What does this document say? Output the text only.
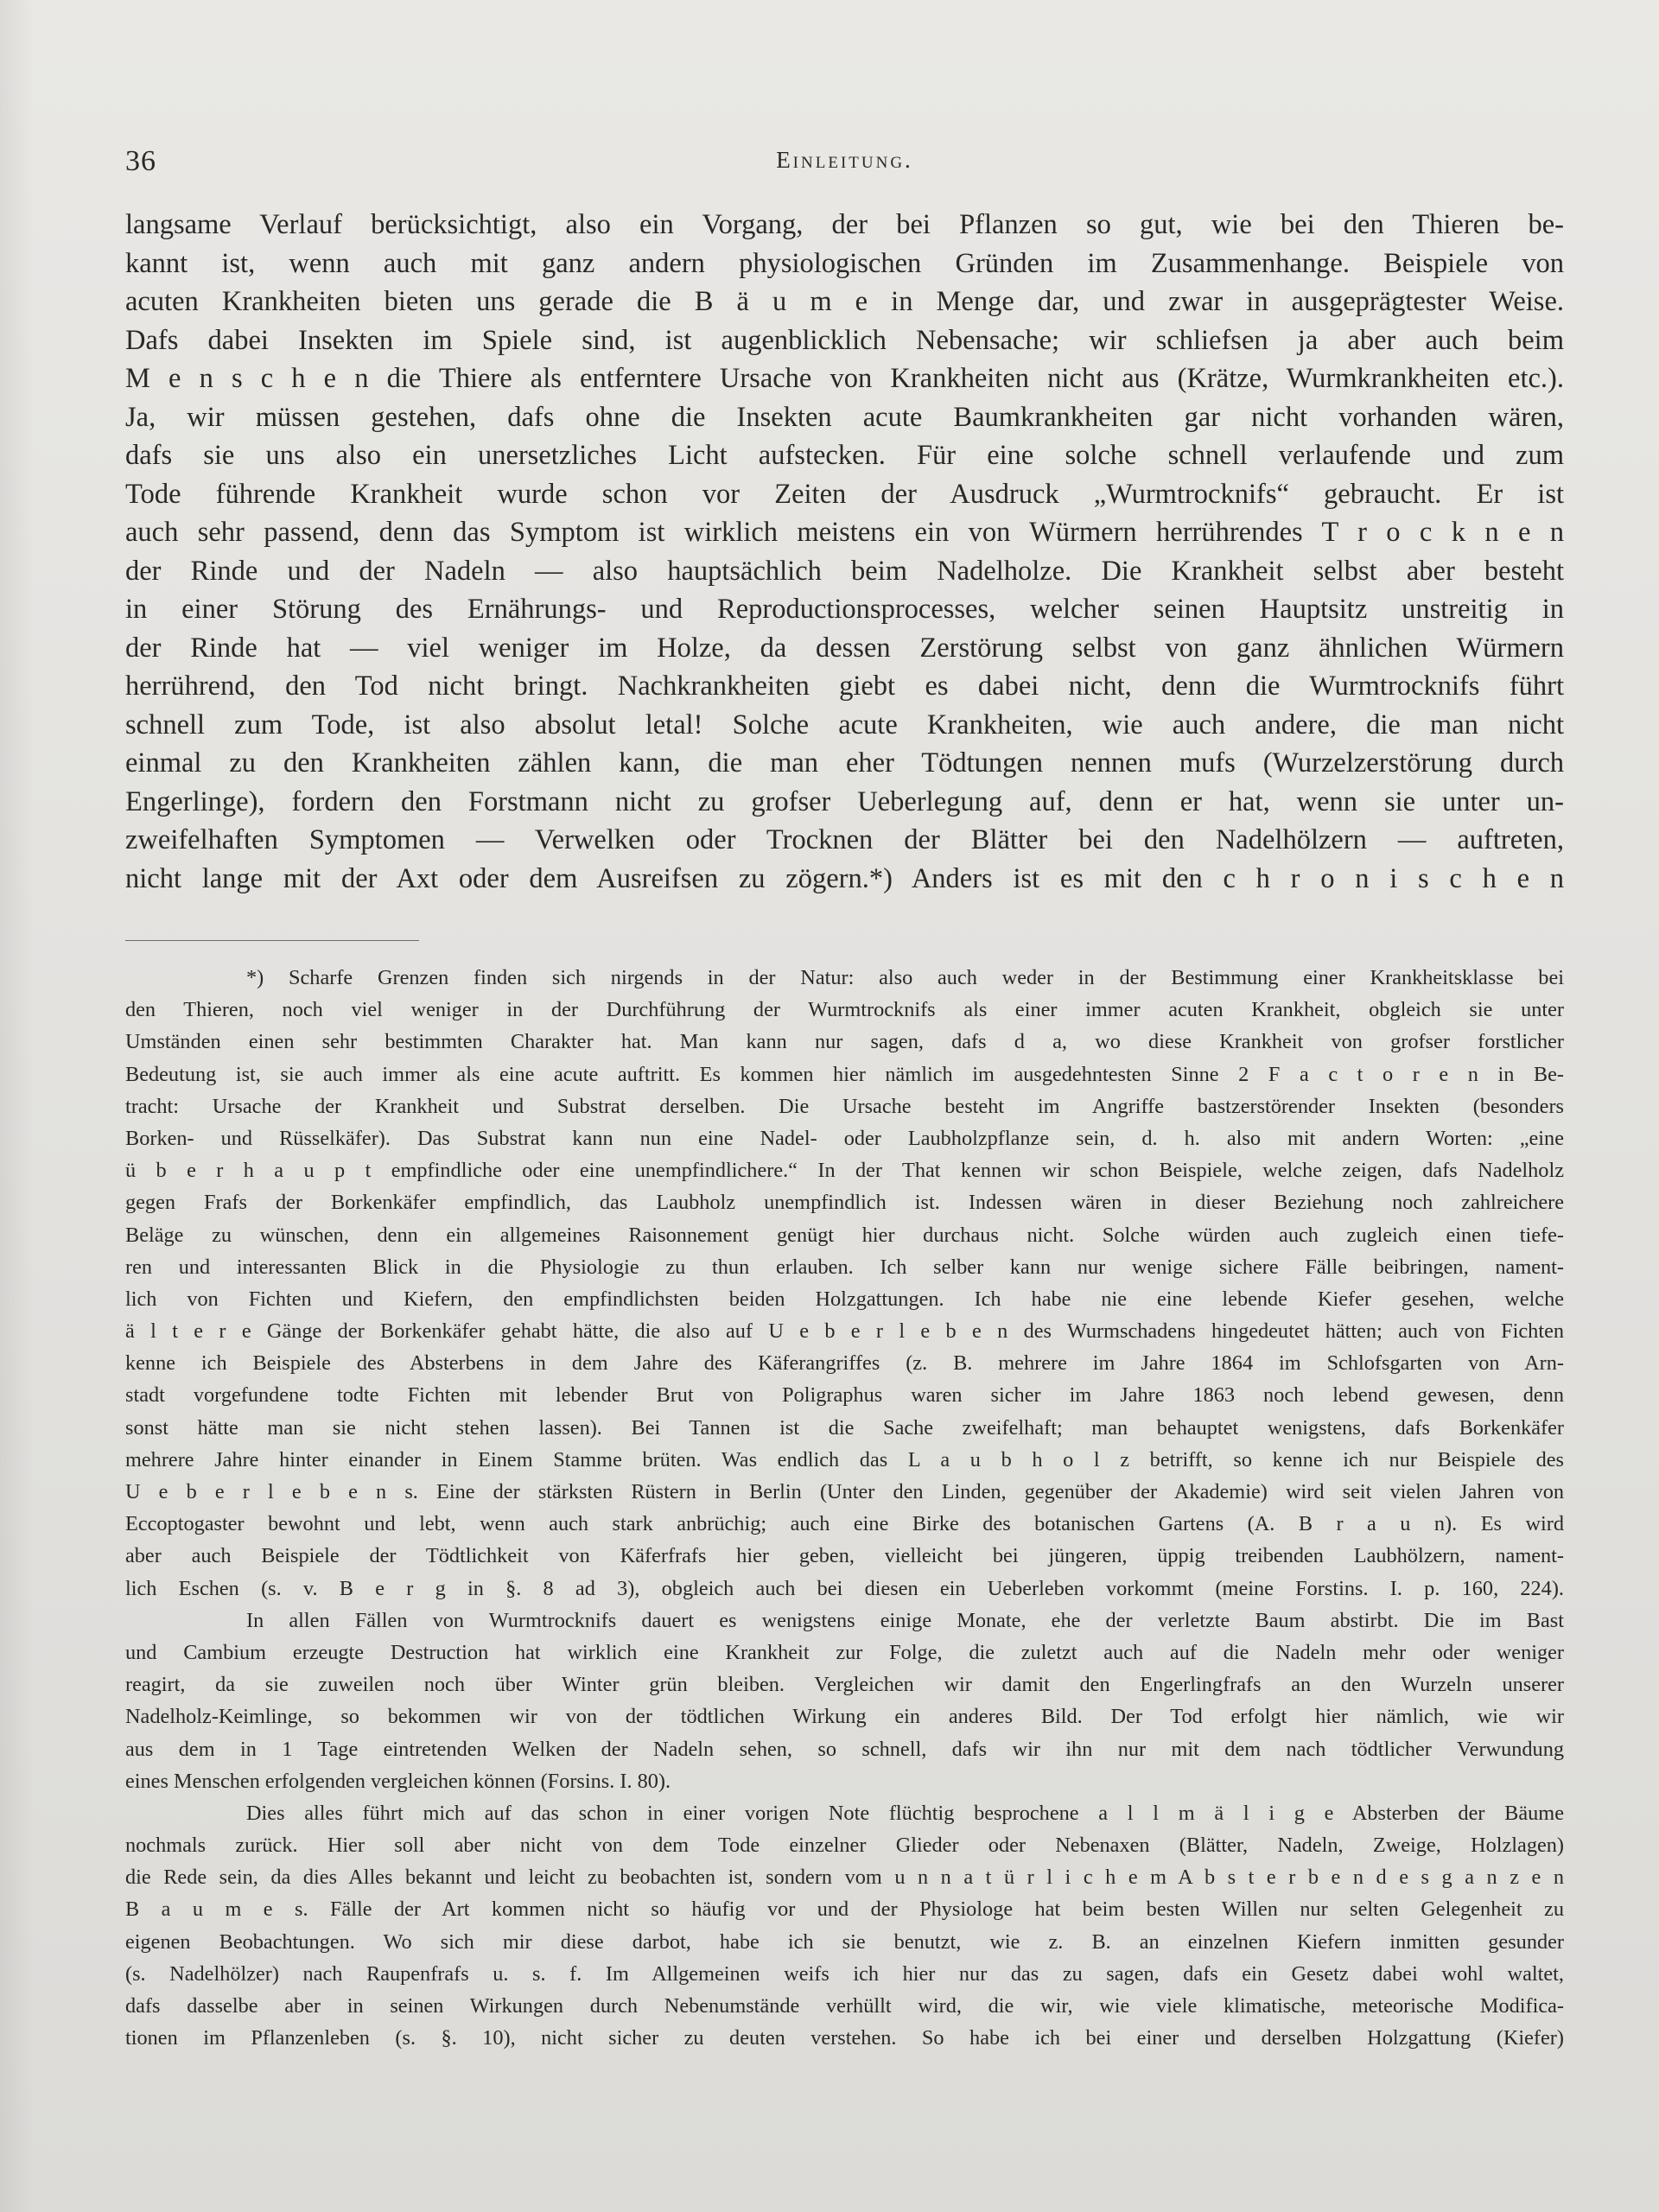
36	Einleitung.
langsame Verlauf berücksichtigt, also ein Vorgang, der bei Pflanzen so gut, wie bei den Thieren be-
kannt ist, wenn auch mit ganz andern physiologischen Gründen im Zusammenhange. Beispiele von
acuten Krankheiten bieten uns gerade die B ä u m e in Menge dar, und zwar in ausgeprägtester Weise.
Dafs dabei Insekten im Spiele sind, ist augenblicklich Nebensache; wir schliefsen ja aber auch beim
M e n s c h e n die Thiere als entferntere Ursache von Krankheiten nicht aus (Krätze, Wurmkrankheiten etc.).
Ja, wir müssen gestehen, dafs ohne die Insekten acute Baumkrankheiten gar nicht vorhanden wären,
dafs sie uns also ein unersetzliches Licht aufstecken. Für eine solche schnell verlaufende und zum
Tode führende Krankheit wurde schon vor Zeiten der Ausdruck „Wurmtrocknifs“ gebraucht. Er ist
auch sehr passend, denn das Symptom ist wirklich meistens ein von Würmern herrührendes T r o c k n e n
der Rinde und der Nadeln — also hauptsächlich beim Nadelholze. Die Krankheit selbst aber besteht
in einer Störung des Ernährungs- und Reproductionsprocesses, welcher seinen Hauptsitz unstreitig in
der Rinde hat — viel weniger im Holze, da dessen Zerstörung selbst von ganz ähnlichen Würmern
herrührend, den Tod nicht bringt. Nachkrankheiten giebt es dabei nicht, denn die Wurmtrocknifs führt
schnell zum Tode, ist also absolut letal! Solche acute Krankheiten, wie auch andere, die man nicht
einmal zu den Krankheiten zählen kann, die man eher Tödtungen nennen mufs (Wurzelzerstörung durch
Engerlinge), fordern den Forstmann nicht zu grofser Ueberlegung auf, denn er hat, wenn sie unter un-
zweifelhaften Symptomen — Verwelken oder Trocknen der Blätter bei den Nadelhölzern — auftreten,
nicht lange mit der Axt oder dem Ausreifsen zu zögern.*) Anders ist es mit den c h r o n i s c h e n
*) Scharfe Grenzen finden sich nirgends in der Natur: also auch weder in der Bestimmung einer Krankheitsklasse bei
den Thieren, noch viel weniger in der Durchführung der Wurmtrocknifs als einer immer acuten Krankheit, obgleich sie unter
Umständen einen sehr bestimmten Charakter hat. Man kann nur sagen, dafs d a, wo diese Krankheit von grofser forstlicher
Bedeutung ist, sie auch immer als eine acute auftritt. Es kommen hier nämlich im ausgedehntesten Sinne 2 F a c t o r e n in Be-
tracht: Ursache der Krankheit und Substrat derselben. Die Ursache besteht im Angriffe bastzerstörender Insekten (besonders
Borken- und Rüsselkäfer). Das Substrat kann nun eine Nadel- oder Laubholzpflanze sein, d. h. also mit andern Worten: „eine
ü b e r h a u p t empfindliche oder eine unempfindlichere.“ In der That kennen wir schon Beispiele, welche zeigen, dafs Nadelholz
gegen Frafs der Borkenkäfer empfindlich, das Laubholz unempfindlich ist. Indessen wären in dieser Beziehung noch zahlreichere
Beläge zu wünschen, denn ein allgemeines Raisonnement genügt hier durchaus nicht. Solche würden auch zugleich einen tiefe-
ren und interessanten Blick in die Physiologie zu thun erlauben. Ich selber kann nur wenige sichere Fälle beibringen, nament-
lich von Fichten und Kiefern, den empfindlichsten beiden Holzgattungen. Ich habe nie eine lebende Kiefer gesehen, welche
ä l t e r e Gänge der Borkenkäfer gehabt hätte, die also auf U e b e r l e b e n des Wurmschadens hingedeutet hätten; auch von Fichten
kenne ich Beispiele des Absterbens in dem Jahre des Käferangriffes (z. B. mehrere im Jahre 1864 im Schlofsgarten von Arn-
stadt vorgefundene todte Fichten mit lebender Brut von Poligraphus waren sicher im Jahre 1863 noch lebend gewesen, denn
sonst hätte man sie nicht stehen lassen). Bei Tannen ist die Sache zweifelhaft; man behauptet wenigstens, dafs Borkenkäfer
mehrere Jahre hinter einander in Einem Stamme brüten. Was endlich das L a u b h o l z betrifft, so kenne ich nur Beispiele des
U e b e r l e b e n s. Eine der stärksten Rüstern in Berlin (Unter den Linden, gegenüber der Akademie) wird seit vielen Jahren von
Eccoptogaster bewohnt und lebt, wenn auch stark anbrüchig; auch eine Birke des botanischen Gartens (A. B r a u n). Es wird
aber auch Beispiele der Tödtlichkeit von Käferfrafs hier geben, vielleicht bei jüngeren, üppig treibenden Laubhölzern, nament-
lich Eschen (s. v. B e r g in §. 8 ad 3), obgleich auch bei diesen ein Ueberleben vorkommt (meine Forstins. I. p. 160, 224).
In allen Fällen von Wurmtrocknifs dauert es wenigstens einige Monate, ehe der verletzte Baum abstirbt. Die im Bast
und Cambium erzeugte Destruction hat wirklich eine Krankheit zur Folge, die zuletzt auch auf die Nadeln mehr oder weniger
reagirt, da sie zuweilen noch über Winter grün bleiben. Vergleichen wir damit den Engerlingfrafs an den Wurzeln unserer
Nadelholz-Keimlinge, so bekommen wir von der tödtlichen Wirkung ein anderes Bild. Der Tod erfolgt hier nämlich, wie wir
aus dem in 1 Tage eintretenden Welken der Nadeln sehen, so schnell, dafs wir ihn nur mit dem nach tödtlicher Verwundung
eines Menschen erfolgenden vergleichen können (Forsins. I. 80).
Dies alles führt mich auf das schon in einer vorigen Note flüchtig besprochene a l l m ä l i g e Absterben der Bäume
nochmals zurück. Hier soll aber nicht von dem Tode einzelner Glieder oder Nebenaxen (Blätter, Nadeln, Zweige, Holzlagen)
die Rede sein, da dies Alles bekannt und leicht zu beobachten ist, sondern vom u n n a t ü r l i c h e m A b s t e r b e n d e s g a n z e n
B a u m e s. Fälle der Art kommen nicht so häufig vor und der Physiologe hat beim besten Willen nur selten Gelegenheit zu
eigenen Beobachtungen. Wo sich mir diese darbot, habe ich sie benutzt, wie z. B. an einzelnen Kiefern inmitten gesunder
(s. Nadelhölzer) nach Raupenfrafs u. s. f. Im Allgemeinen weifs ich hier nur das zu sagen, dafs ein Gesetz dabei wohl waltet,
dafs dasselbe aber in seinen Wirkungen durch Nebenumstände verhüllt wird, die wir, wie viele klimatische, meteorische Modifica-
tionen im Pflanzenleben (s. §. 10), nicht sicher zu deuten verstehen. So habe ich bei einer und derselben Holzgattung (Kiefer)
